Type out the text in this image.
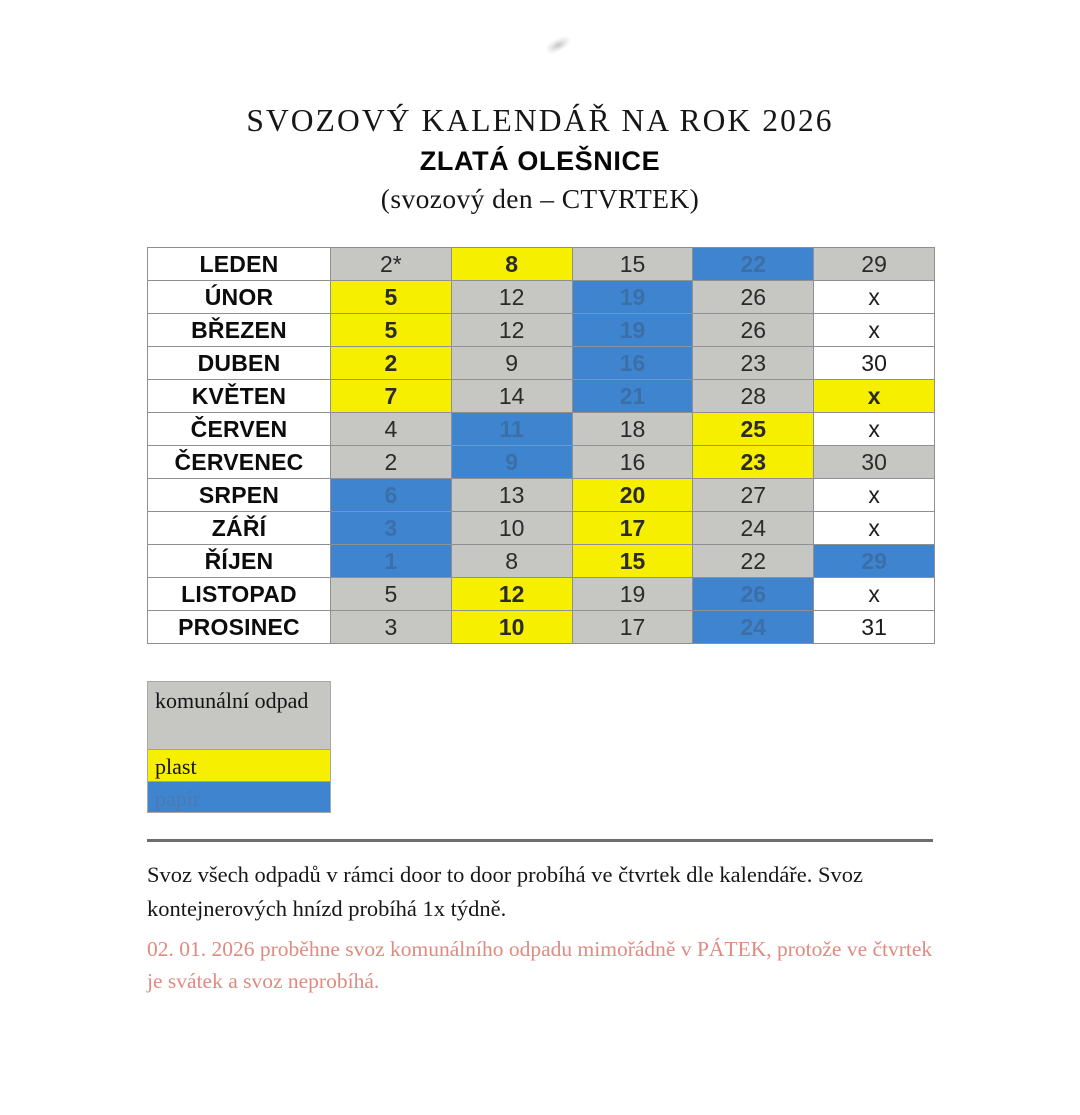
SVOZOVÝ KALENDÁŘ NA ROK 2026
ZLATÁ OLEŠNICE
(svozový den – CTVRTEK)
LEDEN	2*	8	15	22	29
ÚNOR	5	12	19	26	x
BŘEZEN	5	12	19	26	x
DUBEN	2	9	16	23	30
KVĚTEN	7	14	21	28	x
ČERVEN	4	11	18	25	x
ČERVENEC	2	9	16	23	30
SRPEN	6	13	20	27	x
ZÁŘÍ	3	10	17	24	x
ŘÍJEN	1	8	15	22	29
LISTOPAD	5	12	19	26	x
PROSINEC	3	10	17	24	31
komunální odpad
plast
papír
Svoz všech odpadů v rámci door to door probíhá ve čtvrtek dle kalendáře. Svoz kontejnerových hnízd probíhá 1x týdně.
02. 01. 2026 proběhne svoz komunálního odpadu mimořádně v PÁTEK, protože ve čtvrtek je svátek a svoz neprobíhá.
